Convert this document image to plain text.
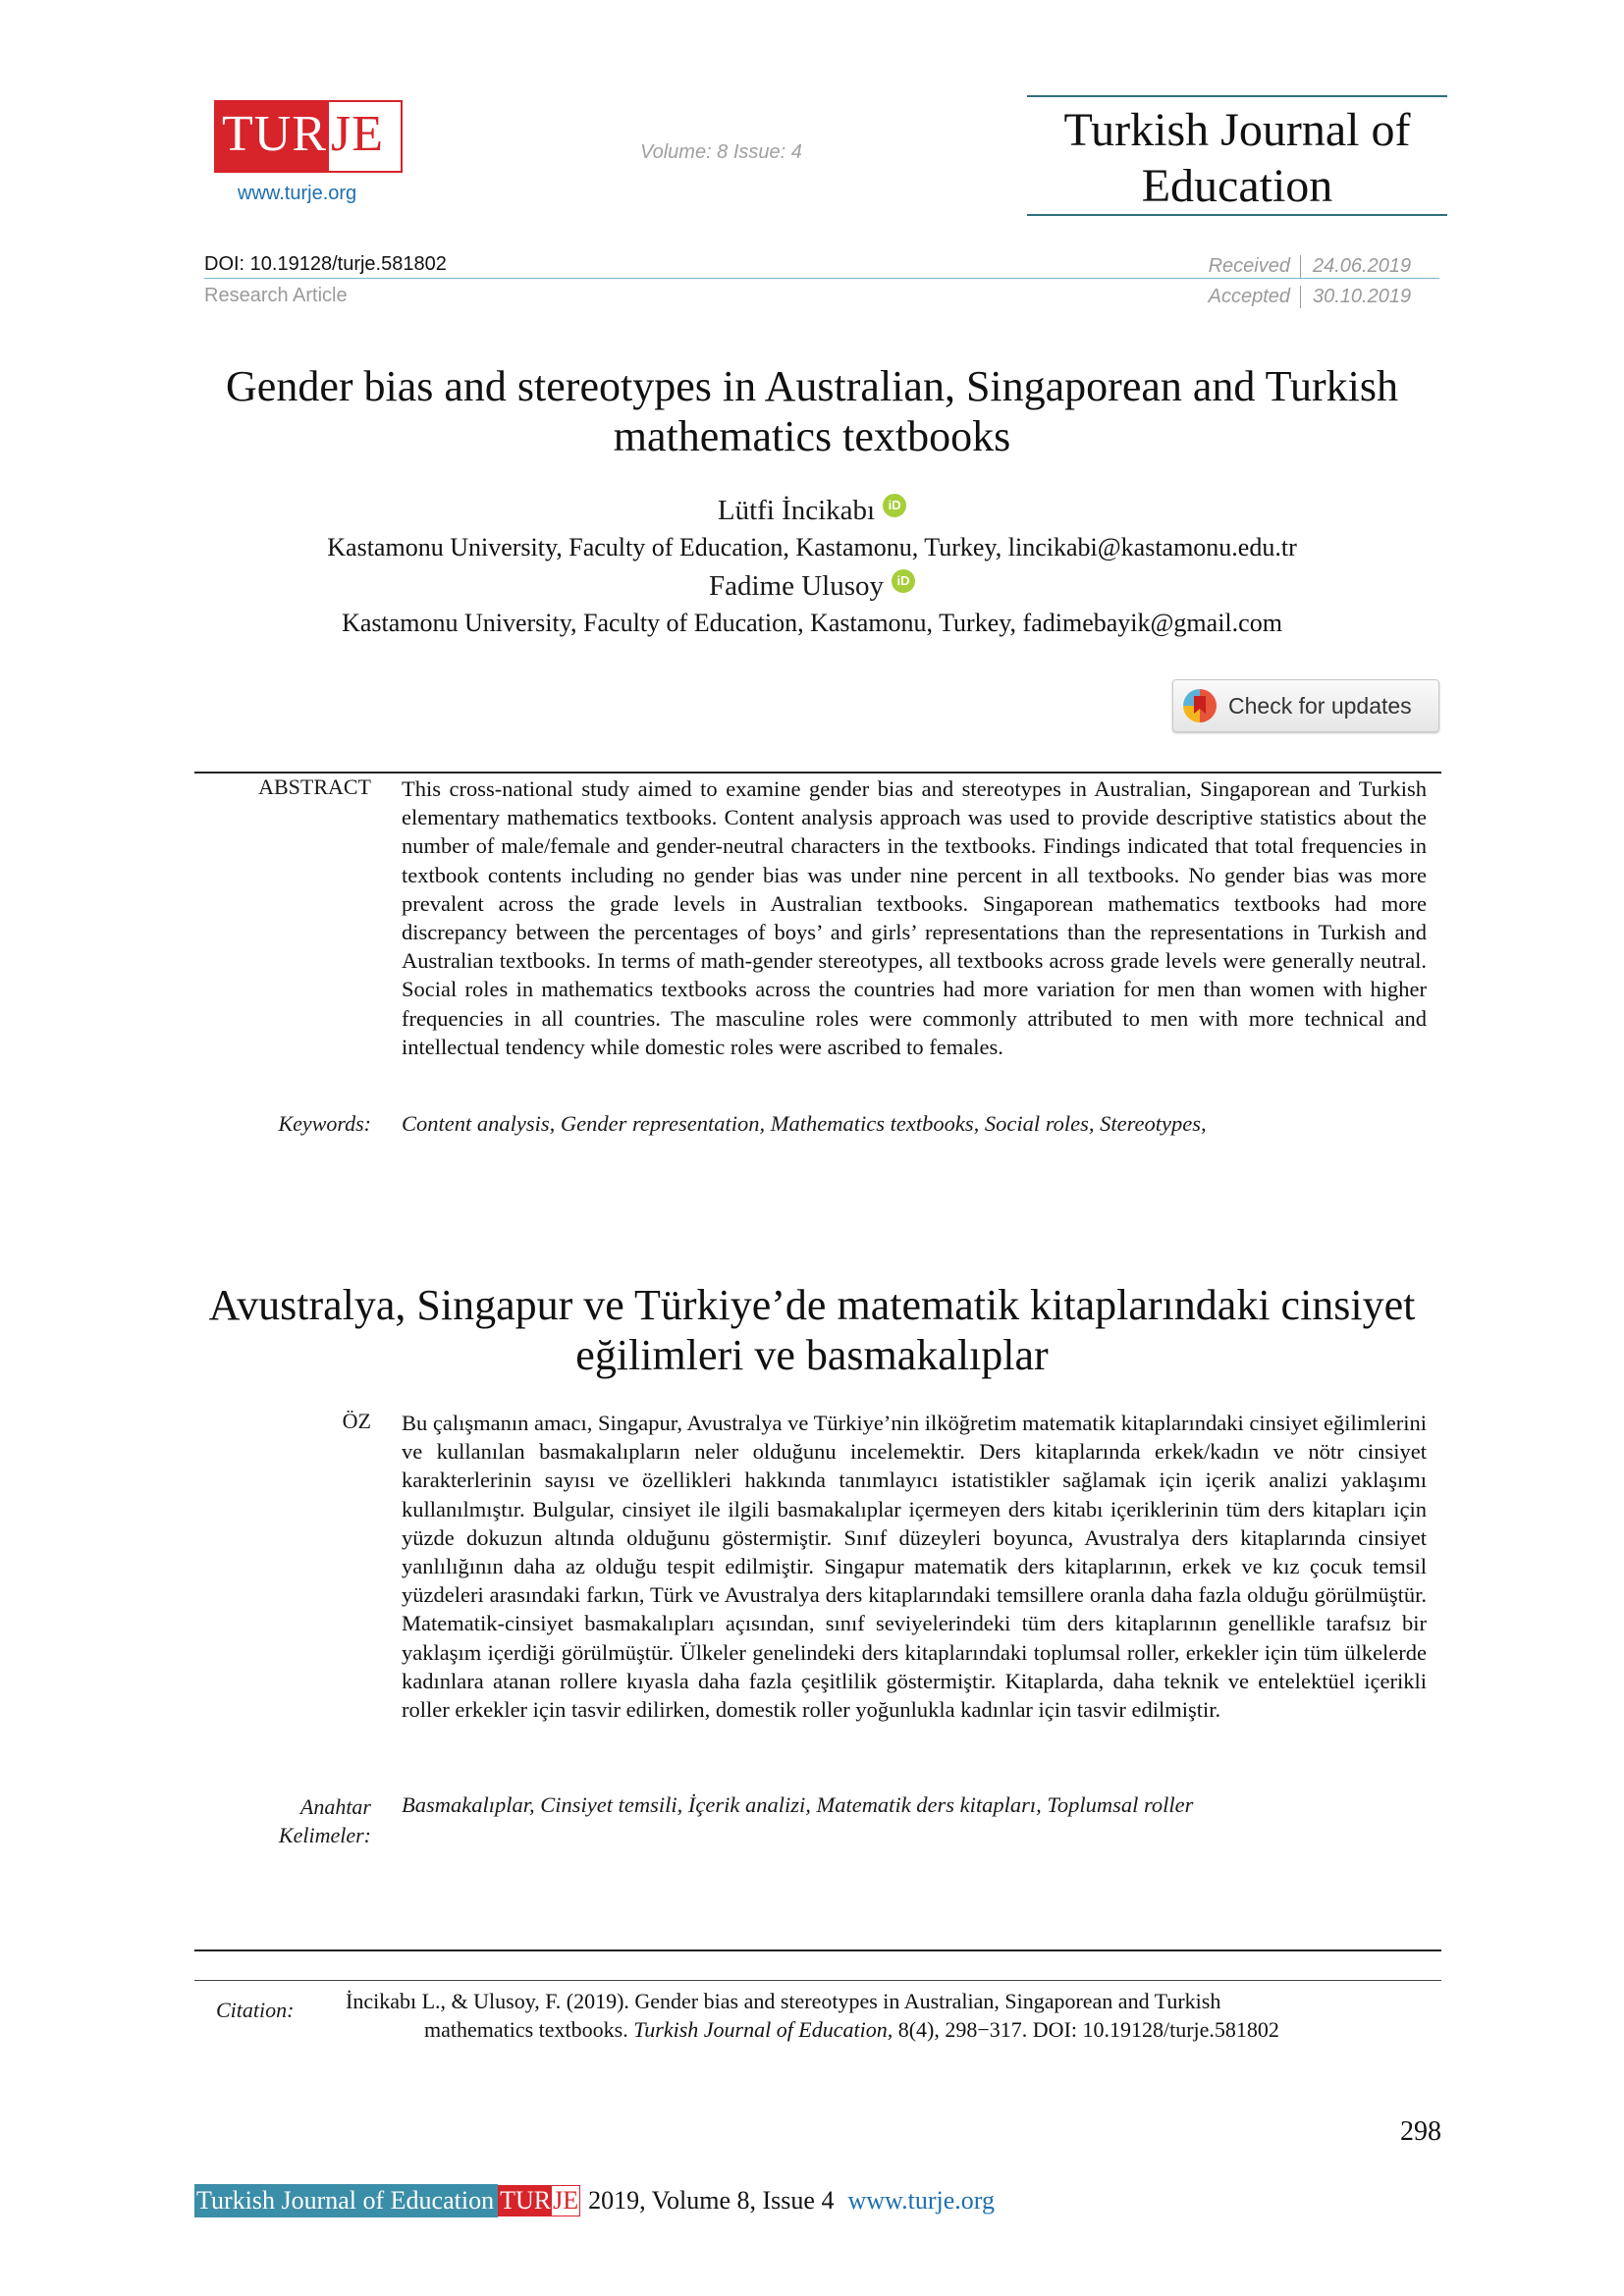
TUR JE
www.turje.org
Volume: 8 Issue: 4	Turkish Journal of Education
DOI: 10.19128/turje.581802
Research Article
Received	24.06.2019
Accepted	30.10.2019
Gender bias and stereotypes in Australian, Singaporean and Turkish mathematics textbooks
Lütfi İncikabı iD
Kastamonu University, Faculty of Education, Kastamonu, Turkey, lincikabi@kastamonu.edu.tr
Fadime Ulusoy iD
Kastamonu University, Faculty of Education, Kastamonu, Turkey, fadimebayik@gmail.com
Check for updates
ABSTRACT This cross-national study aimed to examine gender bias and stereotypes in Australian, Singaporean and Turkish elementary mathematics textbooks. Content analysis approach was used to provide descriptive statistics about the number of male/female and gender-neutral characters in the textbooks. Findings indicated that total frequencies in textbook contents including no gender bias was under nine percent in all textbooks. No gender bias was more prevalent across the grade levels in Australian textbooks. Singaporean mathematics textbooks had more discrepancy between the percentages of boys’ and girls’ representations than the representations in Turkish and Australian textbooks. In terms of math-gender stereotypes, all textbooks across grade levels were generally neutral. Social roles in mathematics textbooks across the countries had more variation for men than women with higher frequencies in all countries. The masculine roles were commonly attributed to men with more technical and intellectual tendency while domestic roles were ascribed to females.
Keywords: Content analysis, Gender representation, Mathematics textbooks, Social roles, Stereotypes,
Avustralya, Singapur ve Türkiye’de matematik kitaplarındaki cinsiyet eğilimleri ve basmakalıplar
ÖZ Bu çalışmanın amacı, Singapur, Avustralya ve Türkiye’nin ilköğretim matematik kitaplarındaki cinsiyet eğilimlerini ve kullanılan basmakalıpların neler olduğunu incelemektir. Ders kitaplarında erkek/kadın ve nötr cinsiyet karakterlerinin sayısı ve özellikleri hakkında tanımlayıcı istatistikler sağlamak için içerik analizi yaklaşımı kullanılmıştır. Bulgular, cinsiyet ile ilgili basmakalıplar içermeyen ders kitabı içeriklerinin tüm ders kitapları için yüzde dokuzun altında olduğunu göstermiştir. Sınıf düzeyleri boyunca, Avustralya ders kitaplarında cinsiyet yanlılığının daha az olduğu tespit edilmiştir. Singapur matematik ders kitaplarının, erkek ve kız çocuk temsil yüzdeleri arasındaki farkın, Türk ve Avustralya ders kitaplarındaki temsillere oranla daha fazla olduğu görülmüştür. Matematik-cinsiyet basmakalıpları açısından, sınıf seviyelerindeki tüm ders kitaplarının genellikle tarafsız bir yaklaşım içerdiği görülmüştür. Ülkeler genelindeki ders kitaplarındaki toplumsal roller, erkekler için tüm ülkelerde kadınlara atanan rollere kıyasla daha fazla çeşitlilik göstermiştir. Kitaplarda, daha teknik ve entelektüel içerikli roller erkekler için tasvir edilirken, domestik roller yoğunlukla kadınlar için tasvir edilmiştir.
Anahtar
Kelimeler:
Basmakalıplar, Cinsiyet temsili, İçerik analizi, Matematik ders kitapları, Toplumsal roller
Citation: İncikabı L., & Ulusoy, F. (2019). Gender bias and stereotypes in Australian, Singaporean and Turkish
mathematics textbooks. Turkish Journal of Education, 8(4), 298−317. DOI: 10.19128/turje.581802
298
Turkish Journal of Education TUR JE 2019, Volume 8, Issue 4 www.turje.org
